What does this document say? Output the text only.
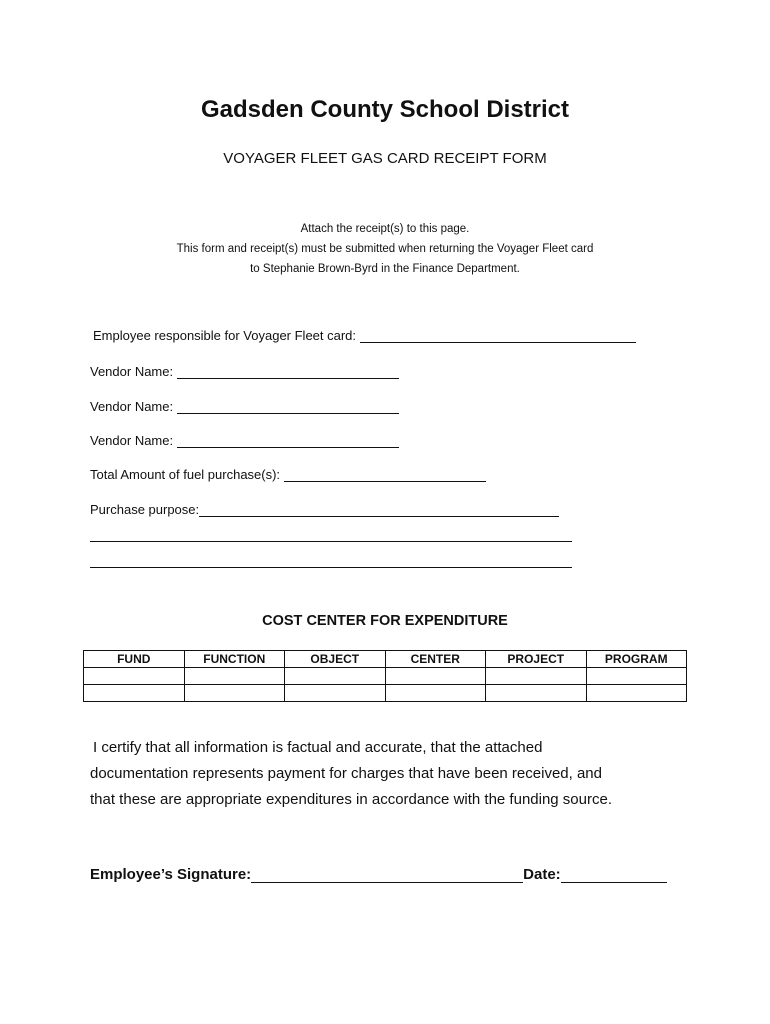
Gadsden County School District
VOYAGER FLEET GAS CARD RECEIPT FORM
Attach the receipt(s) to this page.
This form and receipt(s) must be submitted when returning the Voyager Fleet card
to Stephanie Brown-Byrd in the Finance Department.
Employee responsible for Voyager Fleet card:
Vendor Name:
Vendor Name:
Vendor Name:
Total Amount of fuel purchase(s):
Purchase purpose:
COST CENTER FOR EXPENDITURE
FUND	FUNCTION	OBJECT	CENTER	PROJECT	PROGRAM

I certify that all information is factual and accurate, that the attached
documentation represents payment for charges that have been received, and
that these are appropriate expenditures in accordance with the funding source.
Employee’s Signature:	Date:
